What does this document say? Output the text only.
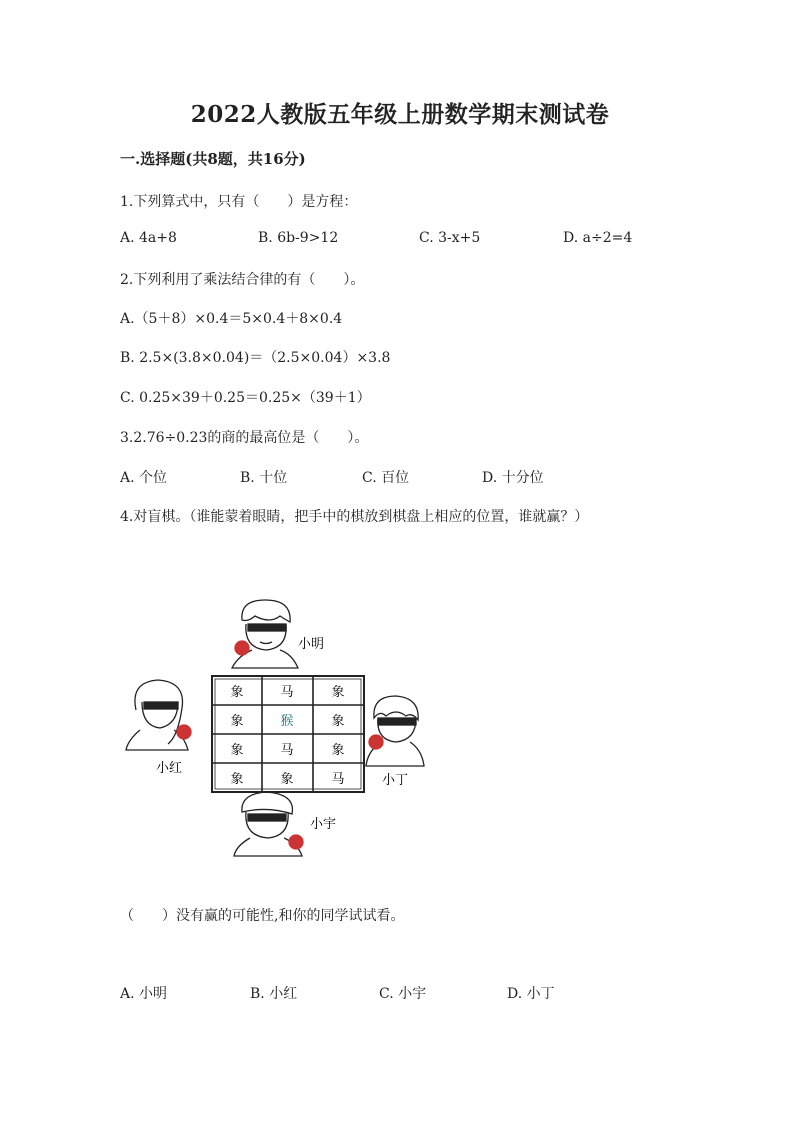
2022人教版五年级上册数学期末测试卷
一.选择题(共8题，共16分)
1.下列算式中，只有（　　）是方程：
A. 4a+8	B. 6b-9>12	C. 3-x+5	D. a÷2=4
2.下列利用了乘法结合律的有（　　）。
A.（5＋8）×0.4＝5×0.4＋8×0.4
B. 2.5×(3.8×0.04)＝（2.5×0.04）×3.8
C. 0.25×39＋0.25＝0.25×（39＋1）
3.2.76÷0.23的商的最高位是（　　）。
A. 个位	B. 十位	C. 百位	D. 十分位
4.对盲棋。（谁能蒙着眼睛，把手中的棋放到棋盘上相应的位置，谁就赢？）
小明
小红
小丁
小宇
象	马	象
象	猴	象
象	马	象
象	象	马
（　　）没有赢的可能性,和你的同学试试看。
A. 小明	B. 小红	C. 小宇	D. 小丁
